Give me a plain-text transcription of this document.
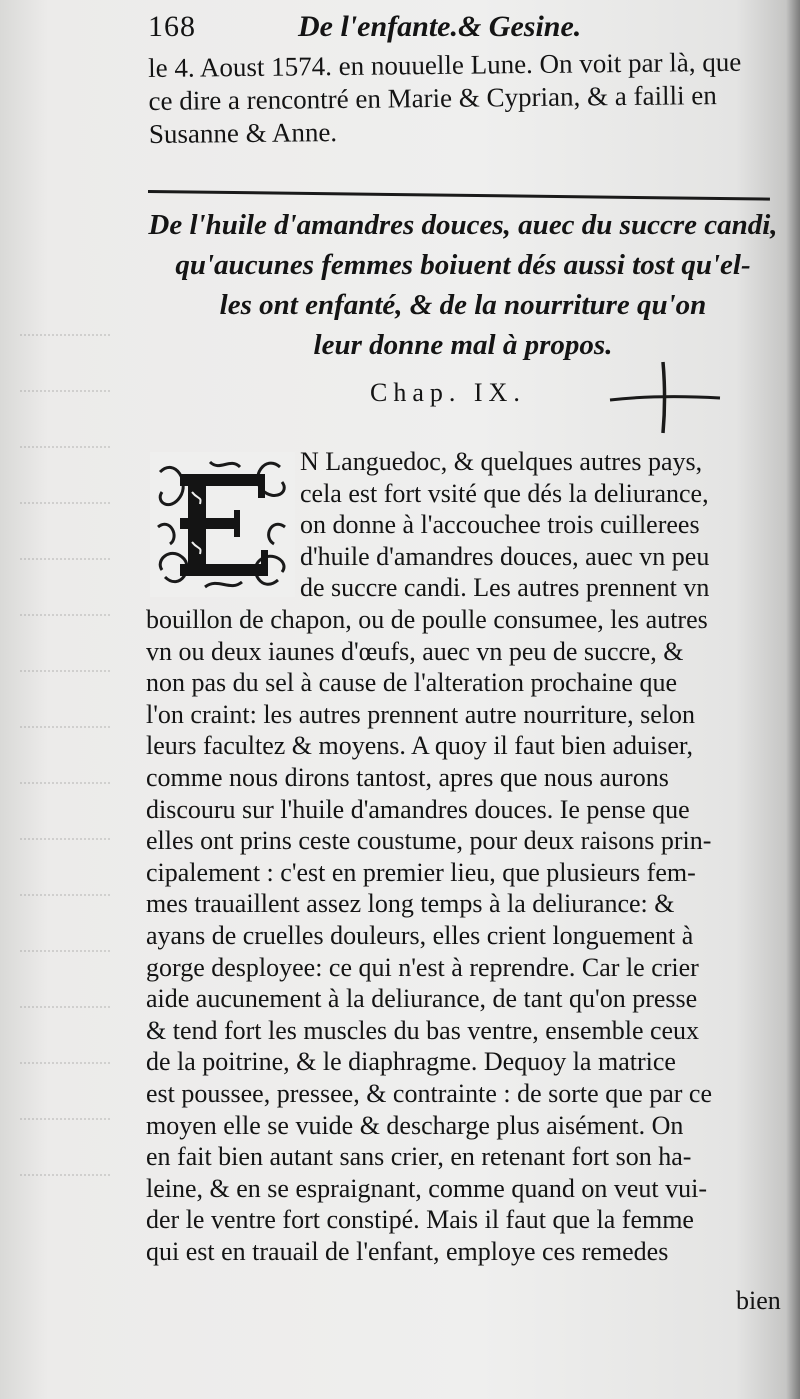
168	De l'enfante.& Gesine.
le 4. Aoust 1574. en nouuelle Lune. On voit par là, que
ce dire a rencontré en Marie & Cyprian, & a failli en
Susanne & Anne.
De l'huile d'amandres douces, auec du succre candi,
qu'aucunes femmes boiuent dés aussi tost qu'el-
les ont enfanté, & de la nourriture qu'on
leur donne mal à propos.
Chap. IX.
N Languedoc, & quelques autres pays,
cela est fort vsité que dés la deliurance,
on donne à l'accouchee trois cuillerees
d'huile d'amandres douces, auec vn peu
de succre candi. Les autres prennent vn
bouillon de chapon, ou de poulle consumee, les autres
vn ou deux iaunes d'œufs, auec vn peu de succre, &
non pas du sel à cause de l'alteration prochaine que
l'on craint: les autres prennent autre nourriture, selon
leurs facultez & moyens. A quoy il faut bien aduiser,
comme nous dirons tantost, apres que nous aurons
discouru sur l'huile d'amandres douces. Ie pense que
elles ont prins ceste coustume, pour deux raisons prin-
cipalement : c'est en premier lieu, que plusieurs fem-
mes trauaillent assez long temps à la deliurance: &
ayans de cruelles douleurs, elles crient longuement à
gorge desployee: ce qui n'est à reprendre. Car le crier
aide aucunement à la deliurance, de tant qu'on presse
& tend fort les muscles du bas ventre, ensemble ceux
de la poitrine, & le diaphragme. Dequoy la matrice
est poussee, pressee, & contrainte : de sorte que par ce
moyen elle se vuide & descharge plus aisément. On
en fait bien autant sans crier, en retenant fort son ha-
leine, & en se espraignant, comme quand on veut vui-
der le ventre fort constipé. Mais il faut que la femme
qui est en trauail de l'enfant, employe ces remedes
bien
